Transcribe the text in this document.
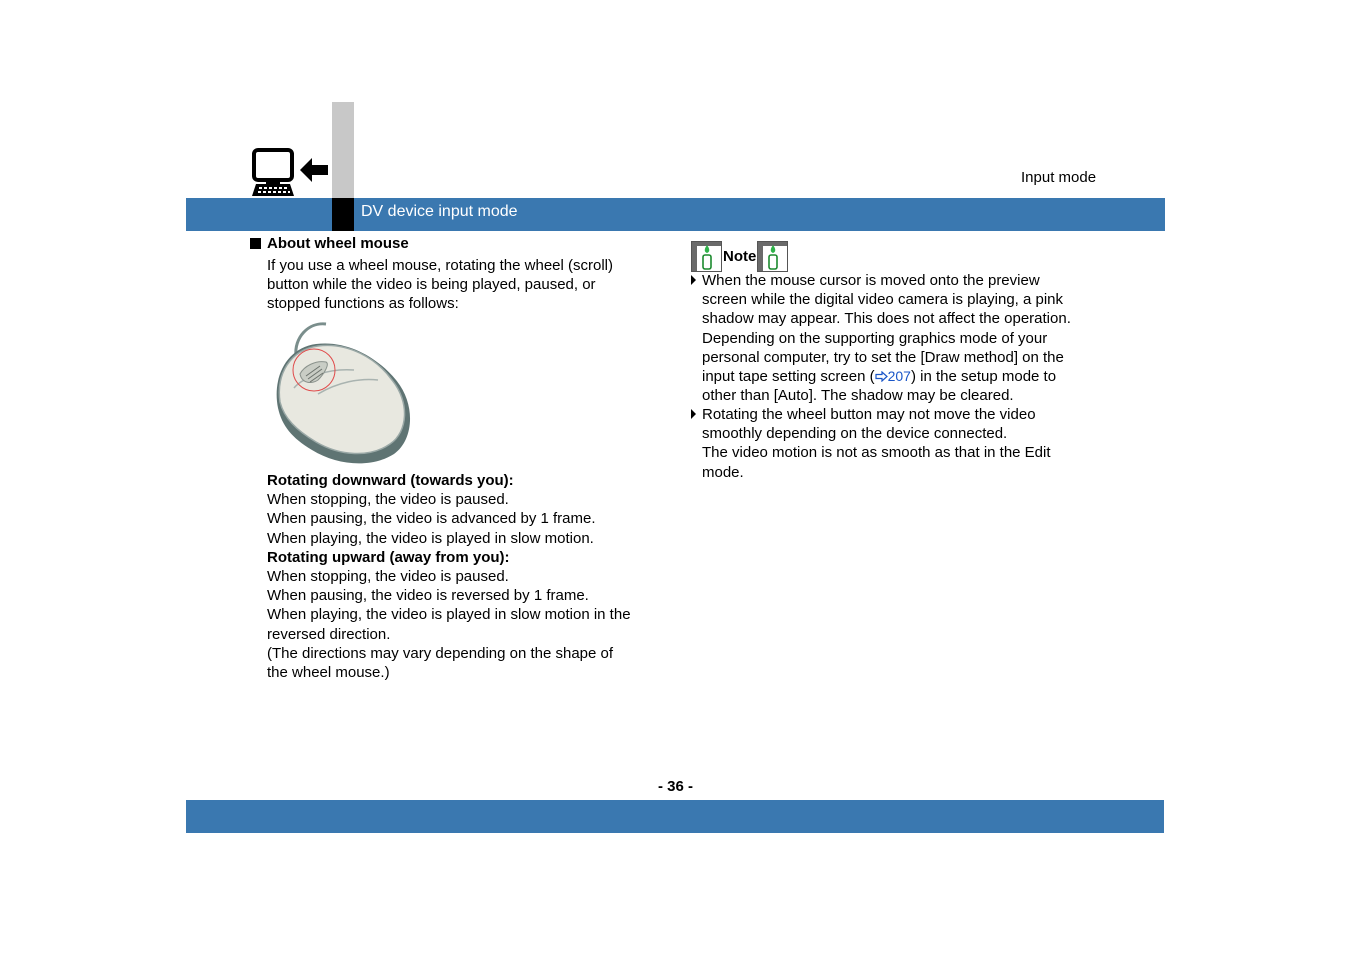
Input mode
DV device input mode
About wheel mouse
If you use a wheel mouse, rotating the wheel (scroll)
button while the video is being played, paused, or
stopped functions as follows:
Rotating downward (towards you):
When stopping, the video is paused.
When pausing, the video is advanced by 1 frame.
When playing, the video is played in slow motion.
Rotating upward (away from you):
When stopping, the video is paused.
When pausing, the video is reversed by 1 frame.
When playing, the video is played in slow motion in the
reversed direction.
(The directions may vary depending on the shape of
the wheel mouse.)
Note
When the mouse cursor is moved onto the preview
screen while the digital video camera is playing, a pink
shadow may appear. This does not affect the operation.
Depending on the supporting graphics mode of your
personal computer, try to set the [Draw method] on the
input tape setting screen ( 207) in the setup mode to
other than [Auto]. The shadow may be cleared.
Rotating the wheel button may not move the video
smoothly depending on the device connected.
The video motion is not as smooth as that in the Edit
mode.
- 36 -
